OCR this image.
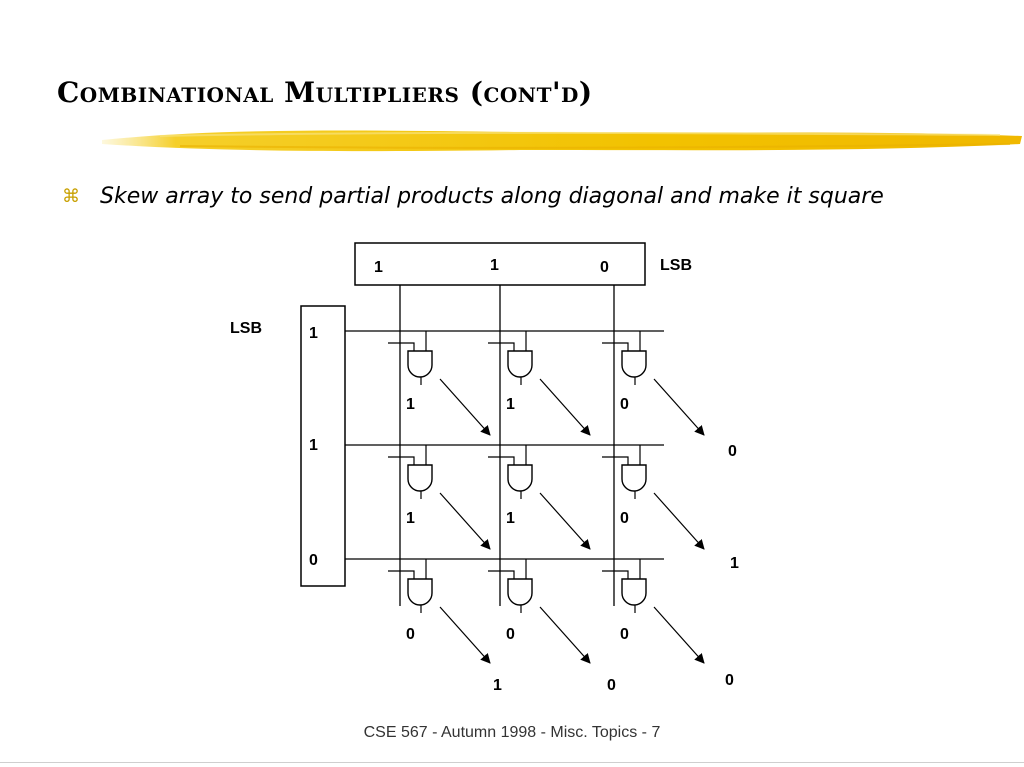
Combinational Multipliers (cont'd)
⌘ Skew array to send partial products along diagonal and make it square
1	1	0	LSB
1
1
0
LSB
1	1	0
1	1	0
0	0	0
0
1
0
1	0
CSE 567 - Autumn 1998 - Misc. Topics - 7
